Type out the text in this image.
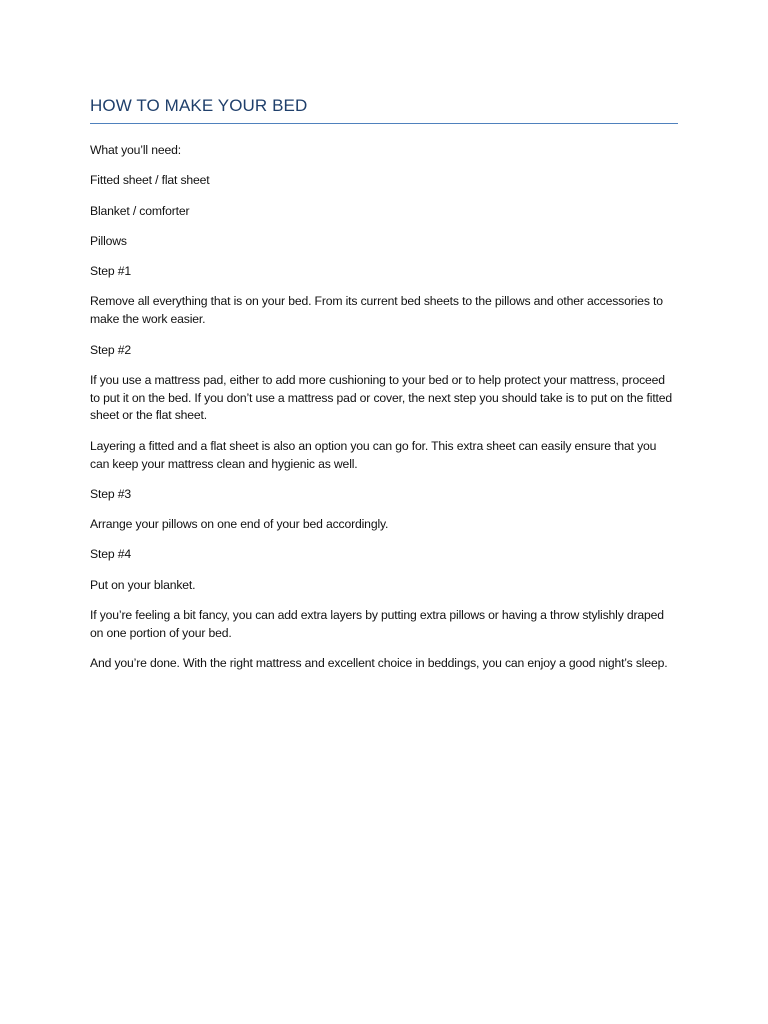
HOW TO MAKE YOUR BED

What you’ll need:

Fitted sheet / flat sheet

Blanket / comforter

Pillows

Step #1

Remove all everything that is on your bed. From its current bed sheets to the pillows and other accessories to make the work easier.

Step #2

If you use a mattress pad, either to add more cushioning to your bed or to help protect your mattress, proceed to put it on the bed. If you don’t use a mattress pad or cover, the next step you should take is to put on the fitted sheet or the flat sheet.

Layering a fitted and a flat sheet is also an option you can go for. This extra sheet can easily ensure that you can keep your mattress clean and hygienic as well.

Step #3

Arrange your pillows on one end of your bed accordingly.

Step #4

Put on your blanket.

If you’re feeling a bit fancy, you can add extra layers by putting extra pillows or having a throw stylishly draped on one portion of your bed.

And you’re done. With the right mattress and excellent choice in beddings, you can enjoy a good night’s sleep.
